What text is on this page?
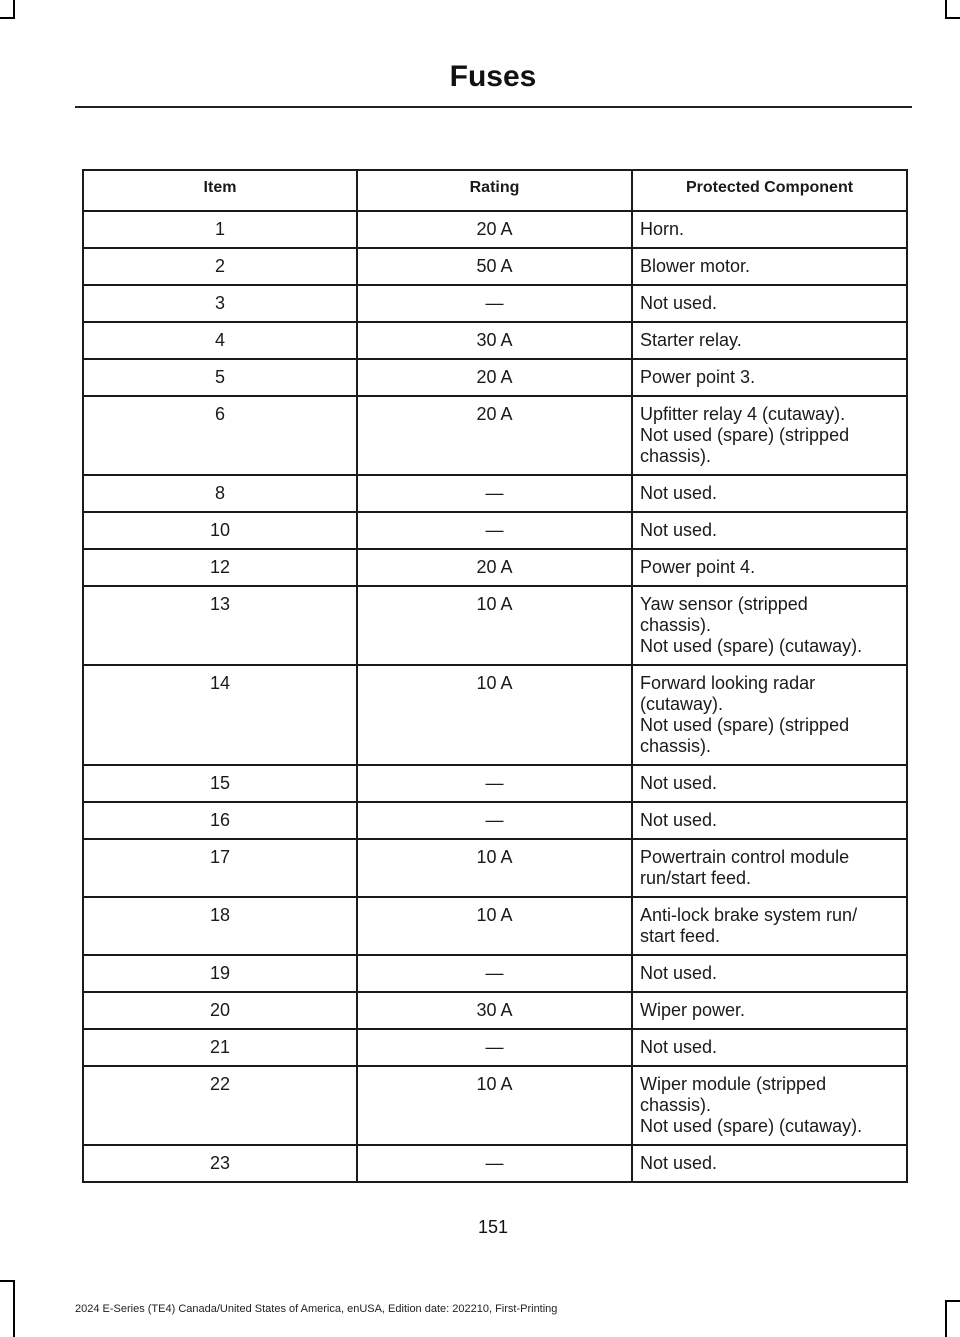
Fuses
Item	Rating	Protected Component
1	20 A	Horn.

2	50 A	Blower motor.

3	—	Not used.

4	30 A	Starter relay.

5	20 A	Power point 3.

6	20 A	Upfitter relay 4 (cutaway).
Not used (spare) (stripped
chassis).

8	—	Not used.

10	—	Not used.

12	20 A	Power point 4.

13	10 A	Yaw sensor (stripped
chassis).
Not used (spare) (cutaway).

14	10 A	Forward looking radar
(cutaway).
Not used (spare) (stripped
chassis).

15	—	Not used.

16	—	Not used.

17	10 A	Powertrain control module
run/start feed.

18	10 A	Anti-lock brake system run/
start feed.

19	—	Not used.

20	30 A	Wiper power.

21	—	Not used.

22	10 A	Wiper module (stripped
chassis).
Not used (spare) (cutaway).

23	—	Not used.
151
2024 E-Series (TE4) Canada/United States of America, enUSA, Edition date: 202210, First-Printing
